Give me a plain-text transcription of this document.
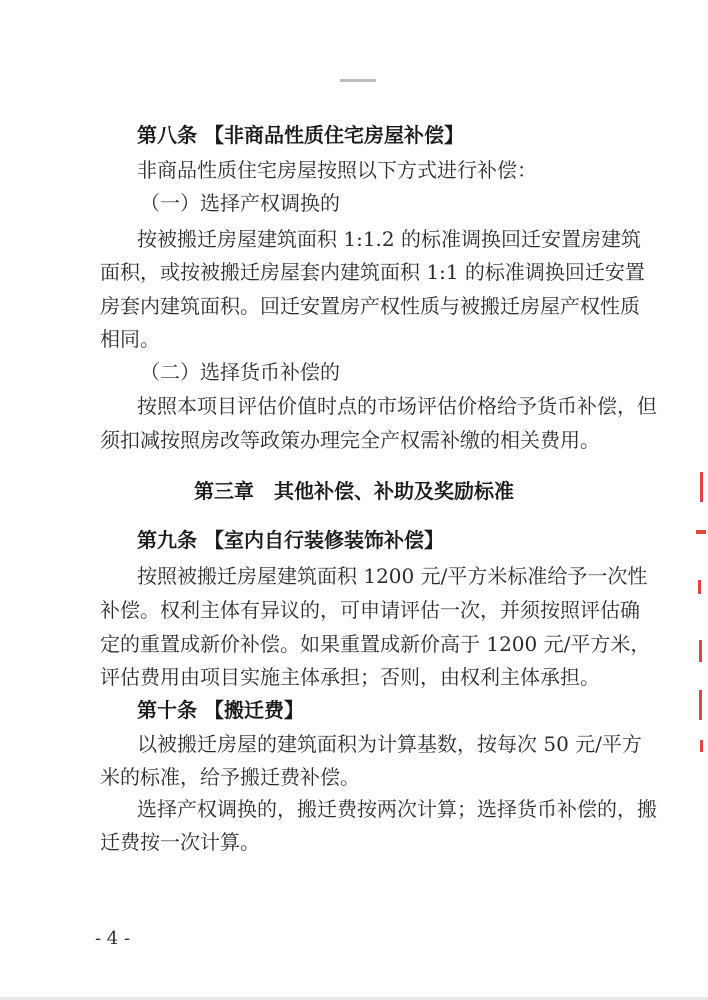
第八条 【非商品性质住宅房屋补偿】
非商品性质住宅房屋按照以下方式进行补偿：
（一）选择产权调换的
按被搬迁房屋建筑面积 1:1.2 的标准调换回迁安置房建筑
面积，或按被搬迁房屋套内建筑面积 1:1 的标准调换回迁安置
房套内建筑面积。回迁安置房产权性质与被搬迁房屋产权性质
相同。
（二）选择货币补偿的
按照本项目评估价值时点的市场评估价格给予货币补偿，但
须扣减按照房改等政策办理完全产权需补缴的相关费用。
第三章　其他补偿、补助及奖励标准
第九条 【室内自行装修装饰补偿】
按照被搬迁房屋建筑面积 1200 元/平方米标准给予一次性
补偿。权利主体有异议的，可申请评估一次，并须按照评估确
定的重置成新价补偿。如果重置成新价高于 1200 元/平方米，
评估费用由项目实施主体承担；否则，由权利主体承担。
第十条 【搬迁费】
以被搬迁房屋的建筑面积为计算基数，按每次 50 元/平方
米的标准，给予搬迁费补偿。
选择产权调换的，搬迁费按两次计算；选择货币补偿的，搬
迁费按一次计算。
- 4 -
